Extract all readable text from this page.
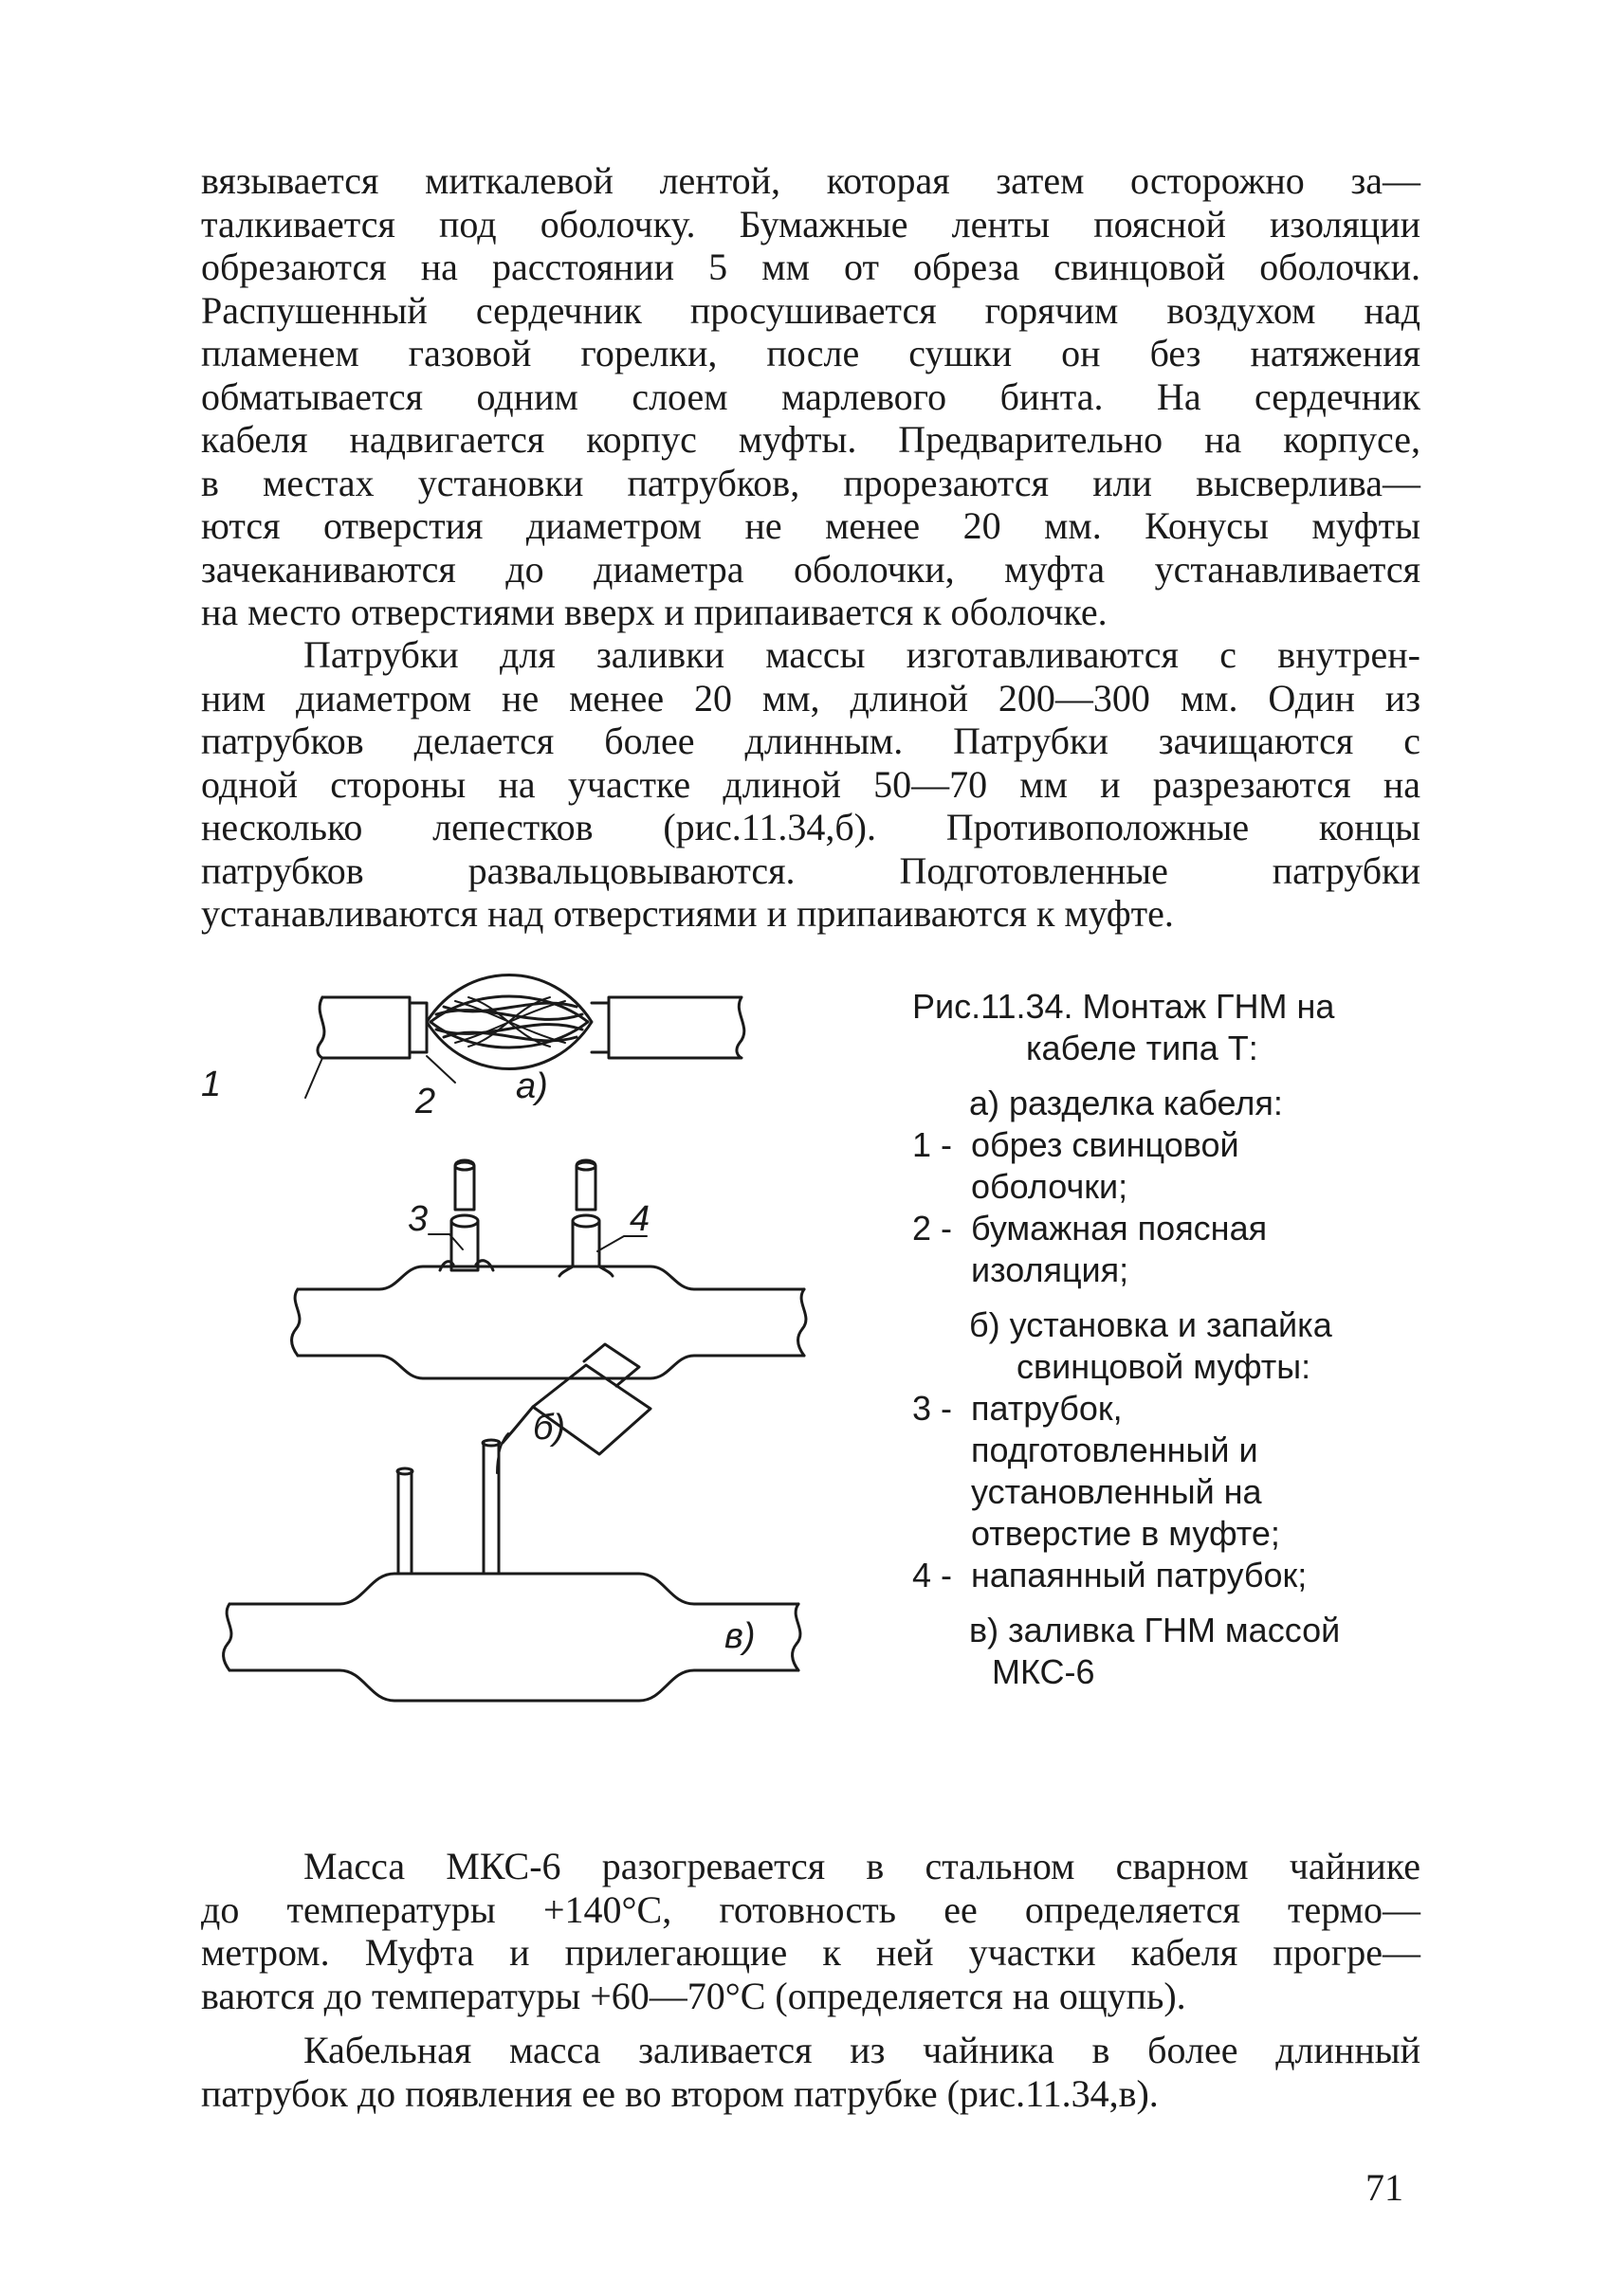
вязывается миткалевой лентой, которая затем осторожно за—
талкивается под оболочку. Бумажные ленты поясной изоляции
обрезаются на расстоянии 5 мм от обреза свинцовой оболочки.
Распушенный сердечник просушивается горячим воздухом над
пламенем газовой горелки, после сушки он без натяжения
обматывается одним слоем марлевого бинта. На сердечник
кабеля надвигается корпус муфты. Предварительно на корпусе,
в местах установки патрубков, прорезаются или высверлива—
ются отверстия диаметром не менее 20 мм. Конусы муфты
зачеканиваются до диаметра оболочки, муфта устанавливается
на место отверстиями вверх и припаивается к оболочке.
Патрубки для заливки массы изготавливаются с внутрен-
ним диаметром не менее 20 мм, длиной 200—300 мм. Один из
патрубков делается более длинным. Патрубки зачищаются с
одной стороны на участке длиной 50—70 мм и разрезаются на
несколько лепестков (рис.11.34,б). Противоположные концы
патрубков развальцовываются. Подготовленные патрубки
устанавливаются над отверстиями и припаиваются к муфте.
1	2 а)
3	4
б)
в)
Рис.11.34. Монтаж ГНМ на
кабеле типа Т:
а) разделка кабеля:
1 - обрез свинцовой
оболочки;
2 - бумажная поясная
изоляция;
б) установка и запайка
свинцовой муфты:
3 - патрубок,
подготовленный и
установленный на
отверстие в муфте;
4 - напаянный патрубок;
в) заливка ГНМ массой
МКС-6
Масса МКС-6 разогревается в стальном сварном чайнике
до температуры +140°С, готовность ее определяется термо—
метром. Муфта и прилегающие к ней участки кабеля прогре—
ваются до температуры +60—70°С (определяется на ощупь).
Кабельная масса заливается из чайника в более длинный
патрубок до появления ее во втором патрубке (рис.11.34,в).
71
